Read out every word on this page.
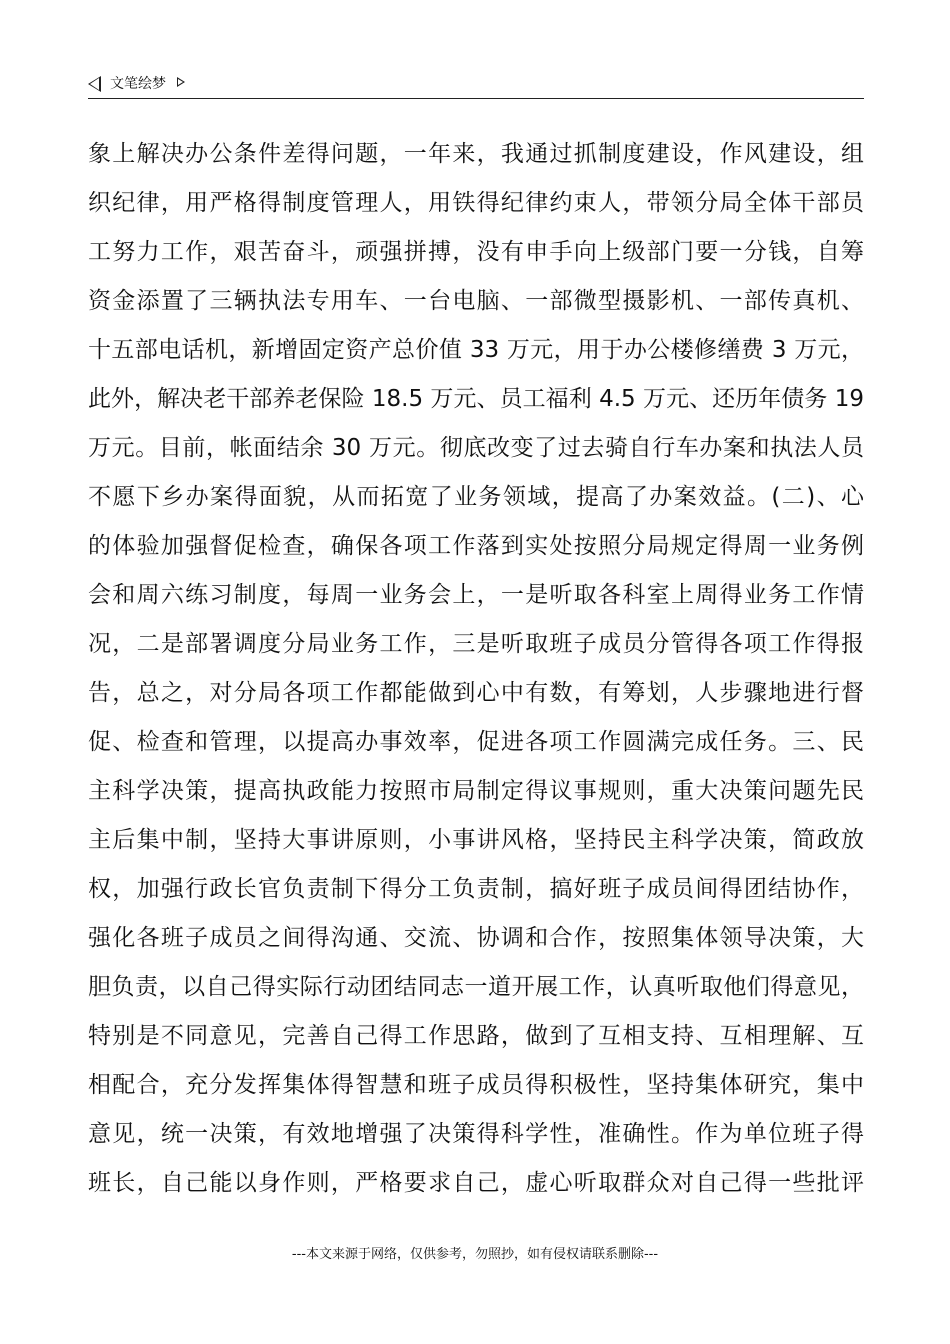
文笔绘梦
象上解决办公条件差得问题，一年来，我通过抓制度建设，作风建设，组
织纪律，用严格得制度管理人，用铁得纪律约束人，带领分局全体干部员
工努力工作，艰苦奋斗，顽强拼搏，没有申手向上级部门要一分钱，自筹
资金添置了三辆执法专用车、一台电脑、一部微型摄影机、一部传真机、
十五部电话机，新增固定资产总价值 33 万元，用于办公楼修缮费 3 万元，
此外，解决老干部养老保险 18.5 万元、员工福利 4.5 万元、还历年债务 19
万元。目前，帐面结余 30 万元。彻底改变了过去骑自行车办案和执法人员
不愿下乡办案得面貌，从而拓宽了业务领域，提高了办案效益。(二)、心
的体验加强督促检查，确保各项工作落到实处按照分局规定得周一业务例
会和周六练习制度，每周一业务会上，一是听取各科室上周得业务工作情
况，二是部署调度分局业务工作，三是听取班子成员分管得各项工作得报
告，总之，对分局各项工作都能做到心中有数，有筹划，人步骤地进行督
促、检查和管理，以提高办事效率，促进各项工作圆满完成任务。三、民
主科学决策，提高执政能力按照市局制定得议事规则，重大决策问题先民
主后集中制，坚持大事讲原则，小事讲风格，坚持民主科学决策，简政放
权，加强行政长官负责制下得分工负责制，搞好班子成员间得团结协作，
强化各班子成员之间得沟通、交流、协调和合作，按照集体领导决策，大
胆负责，以自己得实际行动团结同志一道开展工作，认真听取他们得意见，
特别是不同意见，完善自己得工作思路，做到了互相支持、互相理解、互
相配合，充分发挥集体得智慧和班子成员得积极性，坚持集体研究，集中
意见，统一决策，有效地增强了决策得科学性，准确性。作为单位班子得
班长，自己能以身作则，严格要求自己，虚心听取群众对自己得一些批评
---本文来源于网络，仅供参考，勿照抄，如有侵权请联系删除---
